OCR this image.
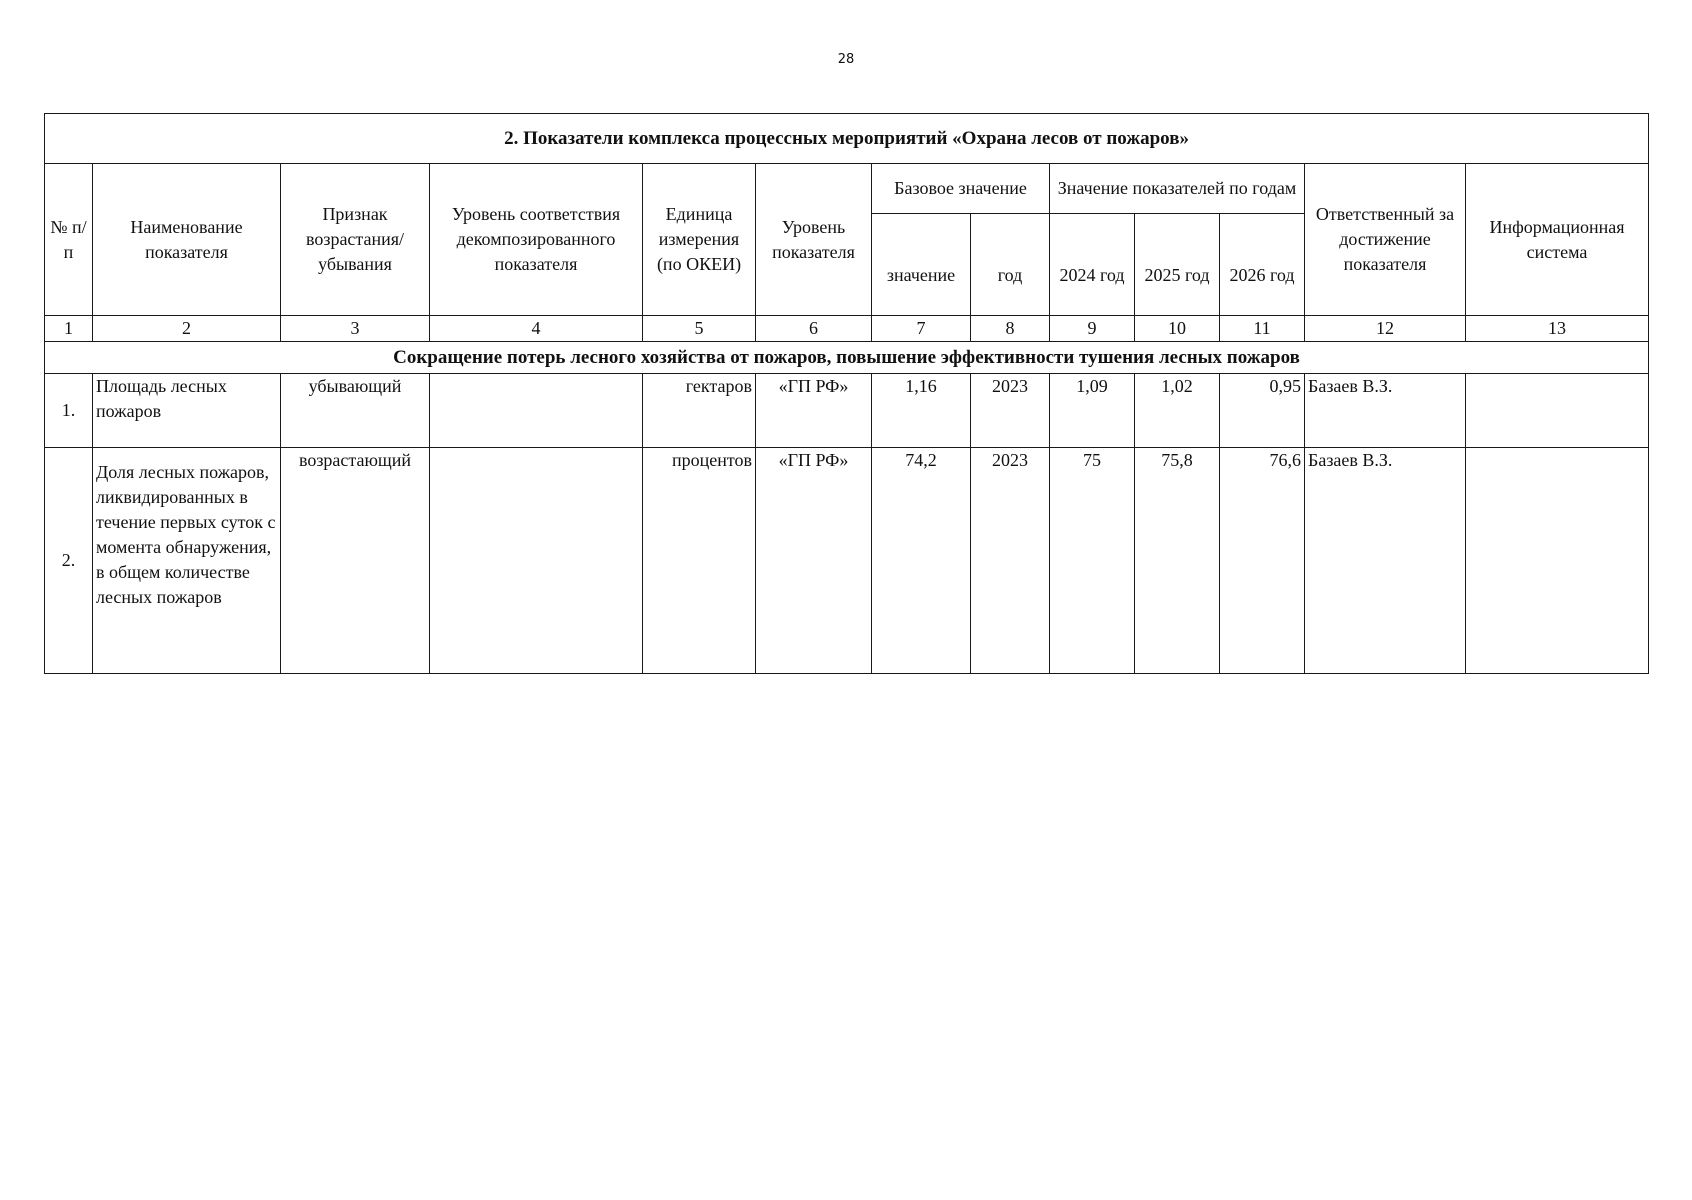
28
2. Показатели комплекса процессных мероприятий «Охрана лесов от пожаров»												
№ п/п	Наименование показателя	Признак возрастания/ убывания	Уровень соответствия декомпозированного показателя	Единица измерения (по ОКЕИ)	Уровень показателя	Базовое значение		Значение показателей по годам			Ответственный за достижение показателя	Информационная система
						значение	год	2024 год	2025 год	2026 год		
1	2	3	4	5	6	7	8	9	10	11	12	13
Сокращение потерь лесного хозяйства от пожаров, повышение эффективности тушения лесных пожаров												
1.	Площадь лесных пожаров	убывающий		гектаров	«ГП РФ»	1,16	2023	1,09	1,02	0,95	Базаев В.З.	
2.	Доля лесных пожаров, ликвидированных в течение первых суток с момента обнаружения, в общем количестве лесных пожаров	возрастающий		процентов	«ГП РФ»	74,2	2023	75	75,8	76,6	Базаев В.З.	
